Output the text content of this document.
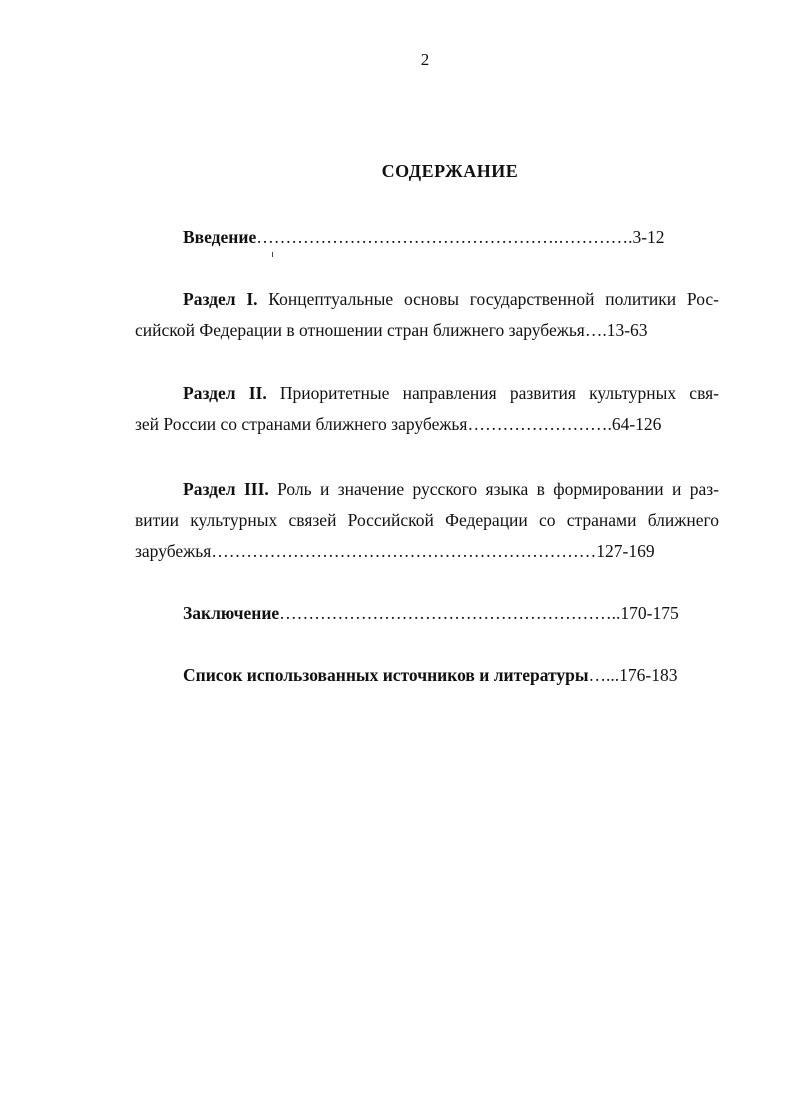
2
СОДЕРЖАНИЕ
Введение…………………………………………….………….3-12
Раздел I. Концептуальные основы государственной политики Рос-
сийской Федерации в отношении стран ближнего зарубежья….13-63
Раздел II. Приоритетные направления развития культурных свя-
зей России со странами ближнего зарубежья…………………….64-126
Раздел III. Роль и значение русского языка в формировании и раз-
витии культурных связей Российской Федерации со странами ближнего
зарубежья…………………………………………………………127-169
Заключение…………………………………………………..170-175
Список использованных источников и литературы…...176-183
